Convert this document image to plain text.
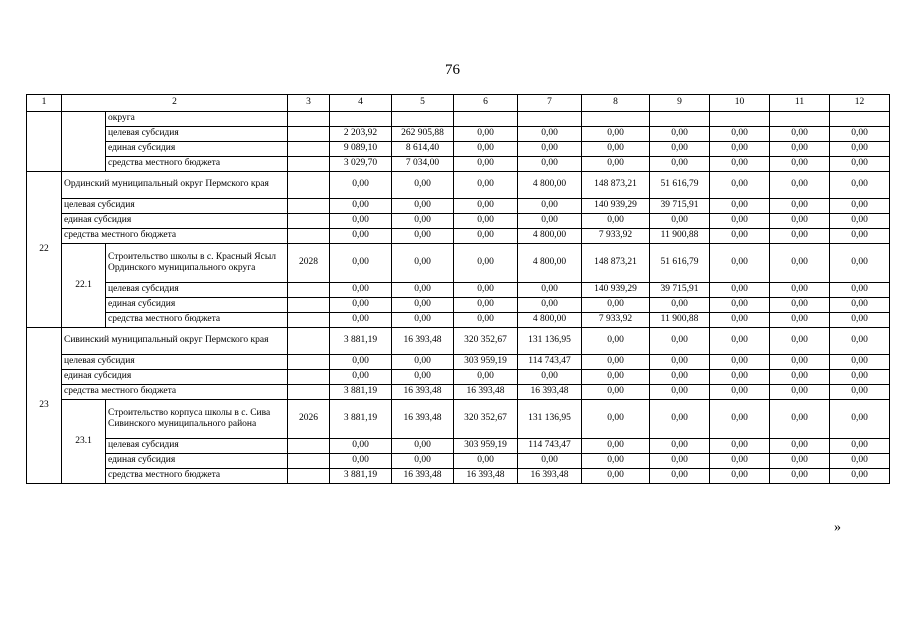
76
1	2		3	4	5	6	7	8	9	10	11	12
		округа										
		целевая субсидия		2 203,92	262 905,88	0,00	0,00	0,00	0,00	0,00	0,00	0,00
		единая субсидия		9 089,10	8 614,40	0,00	0,00	0,00	0,00	0,00	0,00	0,00
		средства местного бюджета		3 029,70	7 034,00	0,00	0,00	0,00	0,00	0,00	0,00	0,00
22	Ординский муниципальный округ Пермского края			0,00	0,00	0,00	4 800,00	148 873,21	51 616,79	0,00	0,00	0,00
	целевая субсидия			0,00	0,00	0,00	0,00	140 939,29	39 715,91	0,00	0,00	0,00
	единая субсидия			0,00	0,00	0,00	0,00	0,00	0,00	0,00	0,00	0,00
	средства местного бюджета			0,00	0,00	0,00	4 800,00	7 933,92	11 900,88	0,00	0,00	0,00
	22.1	Строительство школы в с. Красный Ясыл Ординского муниципального округа	2028	0,00	0,00	0,00	4 800,00	148 873,21	51 616,79	0,00	0,00	0,00
		целевая субсидия		0,00	0,00	0,00	0,00	140 939,29	39 715,91	0,00	0,00	0,00
		единая субсидия		0,00	0,00	0,00	0,00	0,00	0,00	0,00	0,00	0,00
		средства местного бюджета		0,00	0,00	0,00	4 800,00	7 933,92	11 900,88	0,00	0,00	0,00
23	Сивинский муниципальный округ Пермского края			3 881,19	16 393,48	320 352,67	131 136,95	0,00	0,00	0,00	0,00	0,00
	целевая субсидия			0,00	0,00	303 959,19	114 743,47	0,00	0,00	0,00	0,00	0,00
	единая субсидия			0,00	0,00	0,00	0,00	0,00	0,00	0,00	0,00	0,00
	средства местного бюджета			3 881,19	16 393,48	16 393,48	16 393,48	0,00	0,00	0,00	0,00	0,00
	23.1	Строительство корпуса школы в с. Сива Сивинского муниципального района	2026	3 881,19	16 393,48	320 352,67	131 136,95	0,00	0,00	0,00	0,00	0,00
		целевая субсидия		0,00	0,00	303 959,19	114 743,47	0,00	0,00	0,00	0,00	0,00
		единая субсидия		0,00	0,00	0,00	0,00	0,00	0,00	0,00	0,00	0,00
		средства местного бюджета		3 881,19	16 393,48	16 393,48	16 393,48	0,00	0,00	0,00	0,00	0,00
»
